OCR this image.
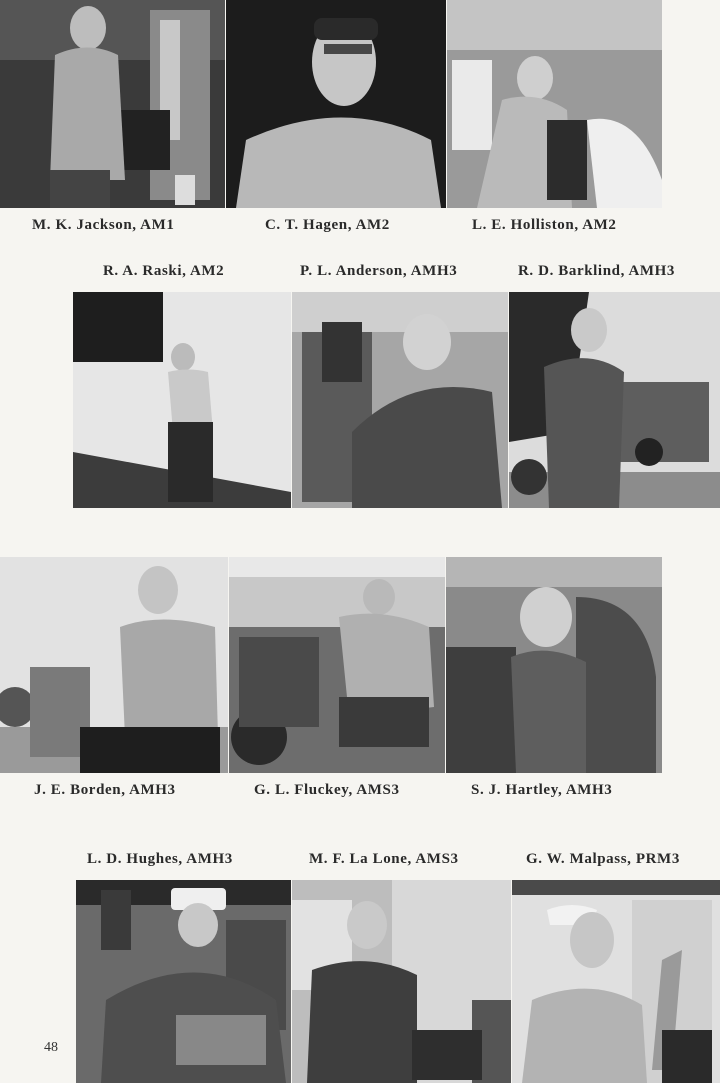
M. K. Jackson, AM1	C. T. Hagen, AM2	L. E. Holliston, AM2
R. A. Raski, AM2	P. L. Anderson, AMH3	R. D. Barklind, AMH3
J. E. Borden, AMH3	G. L. Fluckey, AMS3	S. J. Hartley, AMH3
L. D. Hughes, AMH3	M. F. La Lone, AMS3	G. W. Malpass, PRM3
48
